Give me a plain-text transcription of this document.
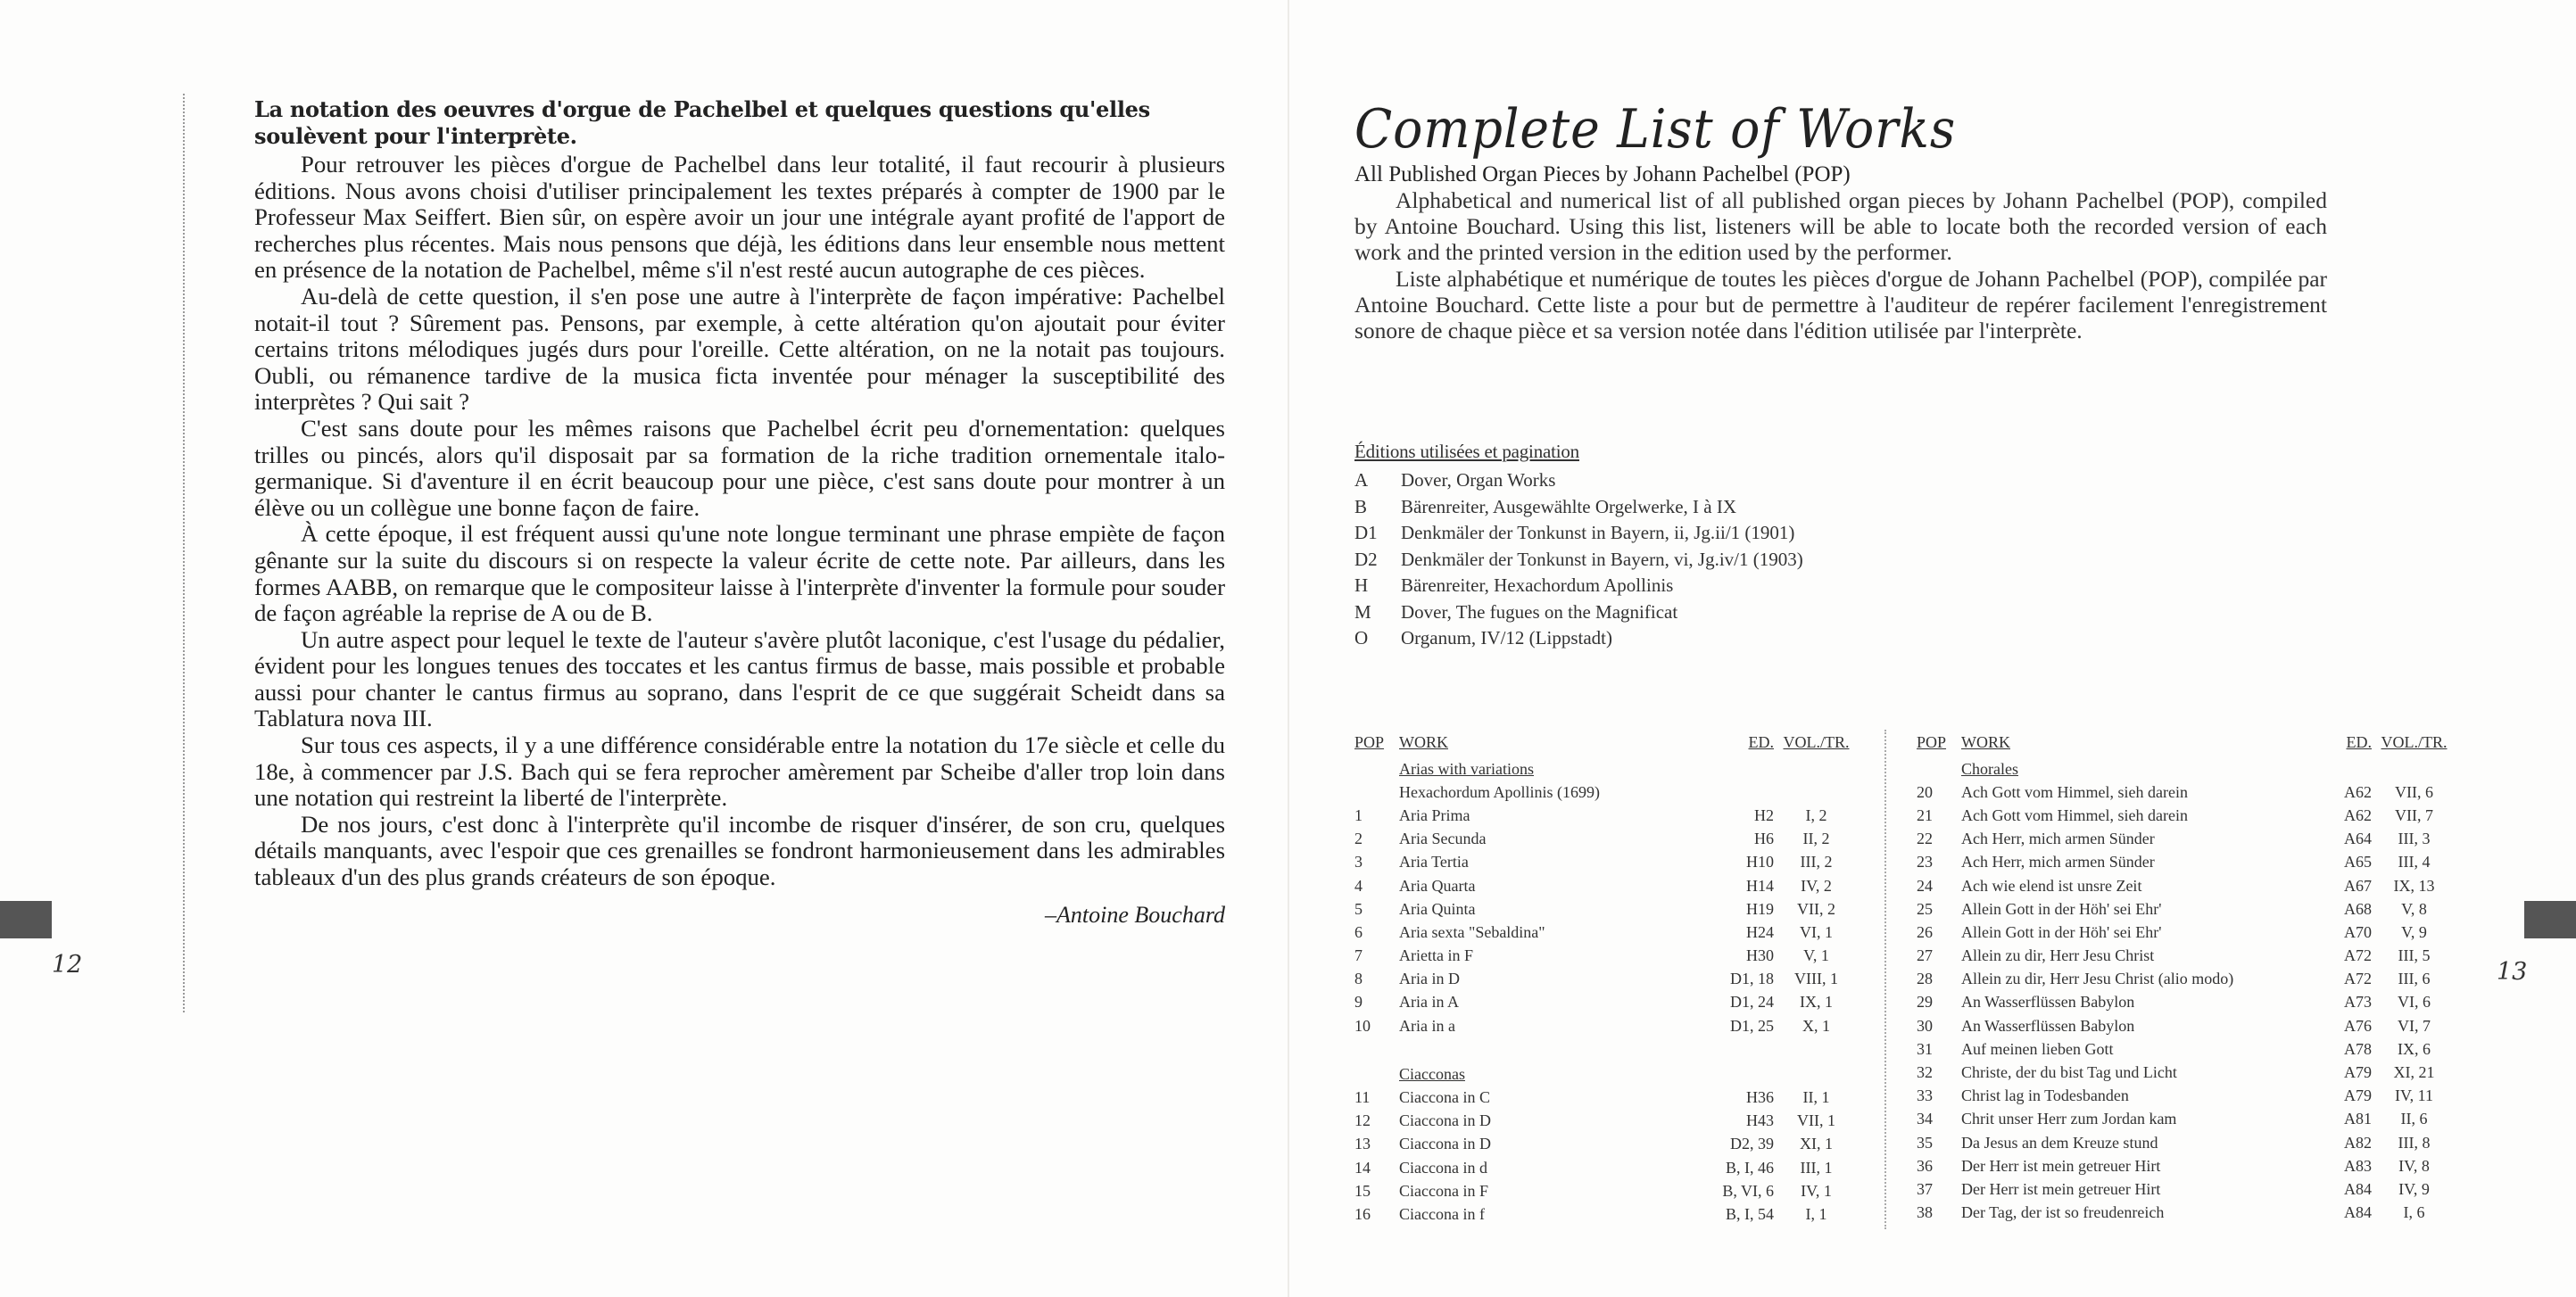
12	13
La notation des oeuvres d'orgue de Pachelbel et quelques questions qu'elles soulèvent pour l'interprète.

Pour retrouver les pièces d'orgue de Pachelbel dans leur totalité, il faut recourir à plusieurs éditions. Nous avons choisi d'utiliser principalement les textes préparés à compter de 1900 par le Professeur Max Seiffert. Bien sûr, on espère avoir un jour une intégrale ayant profité de l'apport de recherches plus récentes. Mais nous pensons que déjà, les éditions dans leur ensemble nous mettent en présence de la notation de Pachelbel, même s'il n'est resté aucun autographe de ces pièces.

Au-delà de cette question, il s'en pose une autre à l'interprète de façon impérative: Pachelbel notait-il tout ? Sûrement pas. Pensons, par exemple, à cette altération qu'on ajoutait pour éviter certains tritons mélodiques jugés durs pour l'oreille. Cette altération, on ne la notait pas toujours. Oubli, ou rémanence tardive de la musica ficta inventée pour ménager la susceptibilité des interprètes ? Qui sait ?

C'est sans doute pour les mêmes raisons que Pachelbel écrit peu d'ornementation: quelques trilles ou pincés, alors qu'il disposait par sa formation de la riche tradition ornementale italo-germanique. Si d'aventure il en écrit beaucoup pour une pièce, c'est sans doute pour montrer à un élève ou un collègue une bonne façon de faire.

À cette époque, il est fréquent aussi qu'une note longue terminant une phrase empiète de façon gênante sur la suite du discours si on respecte la valeur écrite de cette note. Par ailleurs, dans les formes AABB, on remarque que le compositeur laisse à l'interprète d'inventer la formule pour souder de façon agréable la reprise de A ou de B.

Un autre aspect pour lequel le texte de l'auteur s'avère plutôt laconique, c'est l'usage du pédalier, évident pour les longues tenues des toccates et les cantus firmus de basse, mais possible et probable aussi pour chanter le cantus firmus au soprano, dans l'esprit de ce que suggérait Scheidt dans sa Tablatura nova III.

Sur tous ces aspects, il y a une différence considérable entre la notation du 17e siècle et celle du 18e, à commencer par J.S. Bach qui se fera reprocher amèrement par Scheibe d'aller trop loin dans une notation qui restreint la liberté de l'interprète.

De nos jours, c'est donc à l'interprète qu'il incombe de risquer d'insérer, de son cru, quelques détails manquants, avec l'espoir que ces grenailles se fondront harmonieusement dans les admirables tableaux d'un des plus grands créateurs de son époque.

–Antoine Bouchard
Complete List of Works
All Published Organ Pieces by Johann Pachelbel (POP)

Alphabetical and numerical list of all published organ pieces by Johann Pachelbel (POP), compiled by Antoine Bouchard. Using this list, listeners will be able to locate both the recorded version of each work and the printed version in the edition used by the performer.

Liste alphabétique et numérique de toutes les pièces d'orgue de Johann Pachelbel (POP), compilée par Antoine Bouchard. Cette liste a pour but de permettre à l'auditeur de repérer facilement l'enregistrement sonore de chaque pièce et sa version notée dans l'édition utilisée par l'interprète.

Éditions utilisées et pagination
A	Dover, Organ Works
B	Bärenreiter, Ausgewählte Orgelwerke, I à IX
D1	Denkmäler der Tonkunst in Bayern, ii, Jg.ii/1 (1901)
D2	Denkmäler der Tonkunst in Bayern, vi, Jg.iv/1 (1903)
H	Bärenreiter, Hexachordum Apollinis
M	Dover, The fugues on the Magnificat
O	Organum, IV/12 (Lippstadt)
POP WORK	ED. VOL./TR.
Arias with variations
Hexachordum Apollinis (1699)
1	Aria Prima	H2	I, 2
2	Aria Secunda	H6	II, 2
3	Aria Tertia	H10	III, 2
4	Aria Quarta	H14	IV, 2
5	Aria Quinta	H19	VII, 2
6	Aria sexta "Sebaldina"	H24	VI, 1
7	Arietta in F	H30	V, 1
8	Aria in D	D1, 18	VIII, 1
9	Aria in A	D1, 24	IX, 1
10	Aria in a	D1, 25	X, 1
Ciacconas
11	Ciaccona in C	H36	II, 1
12	Ciaccona in D	H43	VII, 1
13	Ciaccona in D	D2, 39	XI, 1
14	Ciaccona in d	B, I, 46	III, 1
15	Ciaccona in F	B, VI, 6	IV, 1
16	Ciaccona in f	B, I, 54	I, 1
POP WORK	ED. VOL./TR.
Chorales
20	Ach Gott vom Himmel, sieh darein	A62	VII, 6
21	Ach Gott vom Himmel, sieh darein	A62	VII, 7
22	Ach Herr, mich armen Sünder	A64	III, 3
23	Ach Herr, mich armen Sünder	A65	III, 4
24	Ach wie elend ist unsre Zeit	A67	IX, 13
25	Allein Gott in der Höh' sei Ehr'	A68	V, 8
26	Allein Gott in der Höh' sei Ehr'	A70	V, 9
27	Allein zu dir, Herr Jesu Christ	A72	III, 5
28	Allein zu dir, Herr Jesu Christ (alio modo)	A72	III, 6
29	An Wasserflüssen Babylon	A73	VI, 6
30	An Wasserflüssen Babylon	A76	VI, 7
31	Auf meinen lieben Gott	A78	IX, 6
32	Christe, der du bist Tag und Licht	A79	XI, 21
33	Christ lag in Todesbanden	A79	IV, 11
34	Chrit unser Herr zum Jordan kam	A81	II, 6
35	Da Jesus an dem Kreuze stund	A82	III, 8
36	Der Herr ist mein getreuer Hirt	A83	IV, 8
37	Der Herr ist mein getreuer Hirt	A84	IV, 9
38	Der Tag, der ist so freudenreich	A84	I, 6
